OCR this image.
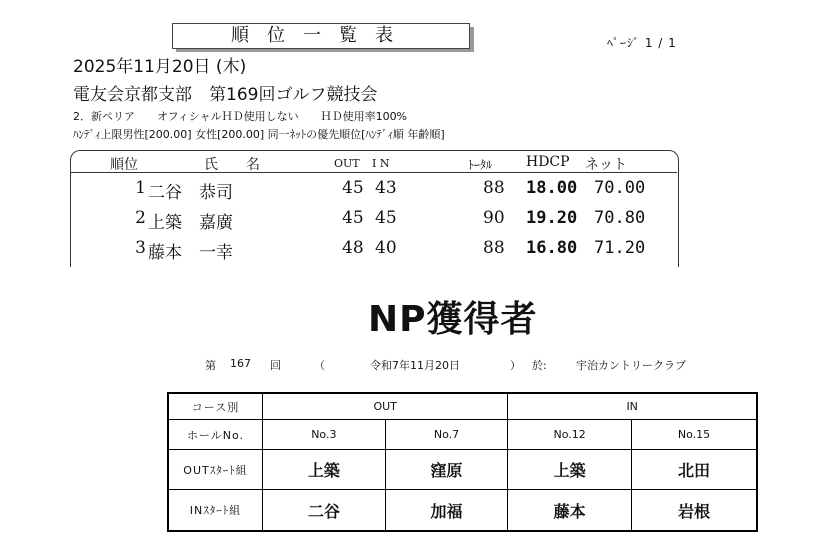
順位一覧表	ﾍﾟｰｼﾞ 1 / 1
2025年11月20日 (木)
電友会京都支部　第169回ゴルフ競技会
2．新ペリア　　オフィシャルＨＤ使用しない　　ＨＤ使用率100%
ﾊﾝﾃﾞｨ上限男性[200.00] 女性[200.00] 同一ﾈｯﾄの優先順位[ﾊﾝﾃﾞｨ順 年齢順]
順位	氏　　名	OUT I N	ﾄｰﾀﾙ HDCP ネット
1 二谷　恭司	45 43	88 18.00 70.00
2 上築　嘉廣	45 45	90 19.20 70.80
3 藤本　一幸	48 40	88 16.80 71.20
NP獲得者
第 167 回	（	令和7年11月20日	） 於:	宇治カントリークラブ
コース別	OUT		IN	
ホールNo.	No.3	No.7	No.12	No.15
OUTｽﾀｰﾄ組	上築	窪原	上築	北田
INｽﾀｰﾄ組	二谷	加福	藤本	岩根
